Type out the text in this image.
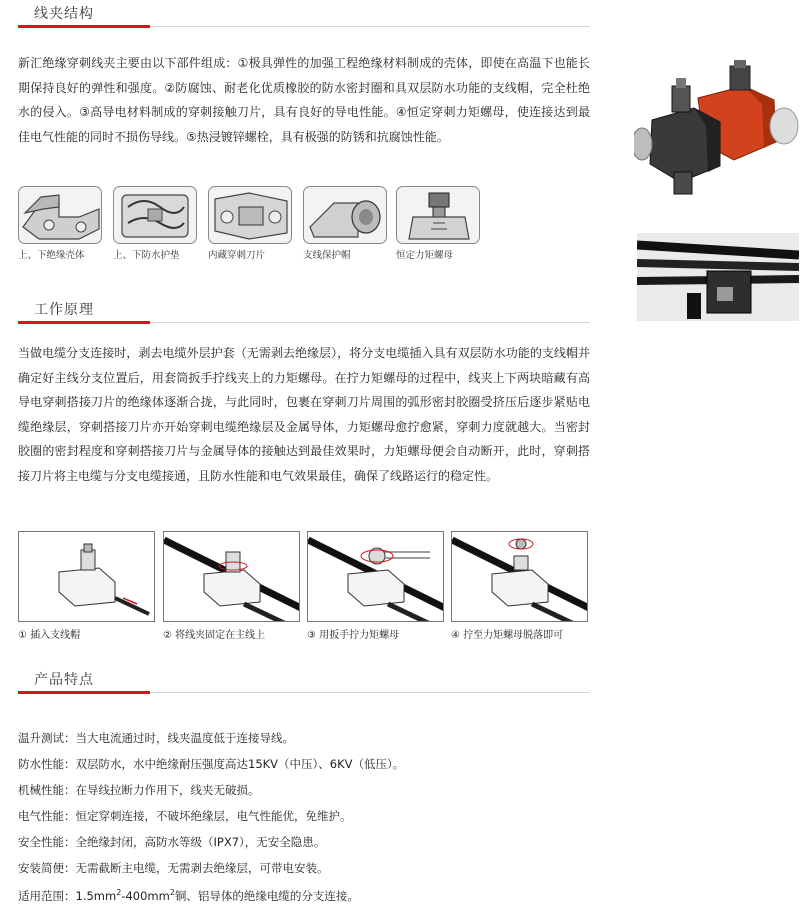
线夹结构

新汇绝缘穿刺线夹主要由以下部件组成：①极具弹性的加强工程绝缘材料制成的壳体，即使在高温下也能长期保持良好的弹性和强度。②防腐蚀、耐老化优质橡胶的防水密封圈和具双层防水功能的支线帽，完全杜绝水的侵入。③高导电材料制成的穿刺接触刀片，具有良好的导电性能。④恒定穿刺力矩螺母，使连接达到最佳电气性能的同时不损伤导线。⑤热浸镀锌螺栓，具有极强的防锈和抗腐蚀性能。

上、下绝缘壳体	上、下防水护垫	内藏穿刺刀片	支线保护帽	恒定力矩螺母
工作原理

当做电缆分支连接时，剥去电缆外层护套（无需剥去绝缘层），将分支电缆插入具有双层防水功能的支线帽并确定好主线分支位置后，用套筒扳手拧线夹上的力矩螺母。在拧力矩螺母的过程中，线夹上下两块暗藏有高导电穿刺搭接刀片的绝缘体逐渐合拢，与此同时，包裹在穿刺刀片周围的弧形密封胶圈受挤压后逐步紧贴电缆绝缘层，穿刺搭接刀片亦开始穿刺电缆绝缘层及金属导体，力矩螺母愈拧愈紧，穿刺力度就越大。当密封胶圈的密封程度和穿刺搭接刀片与金属导体的接触达到最佳效果时，力矩螺母便会自动断开，此时，穿刺搭接刀片将主电缆与分支电缆接通，且防水性能和电气效果最佳，确保了线路运行的稳定性。

① 插入支线帽	② 将线夹固定在主线上	③ 用扳手拧力矩螺母	④ 拧至力矩螺母脱落即可
产品特点

温升测试：当大电流通过时，线夹温度低于连接导线。

防水性能：双层防水，水中绝缘耐压强度高达15KV（中压）、6KV（低压）。

机械性能：在导线拉断力作用下，线夹无破损。

电气性能：恒定穿刺连接，不破坏绝缘层，电气性能优，免维护。

安全性能：全绝缘封闭，高防水等级（IPX7），无安全隐患。

安装简便：无需截断主电缆，无需剥去绝缘层，可带电安装。

适用范围：$1.5mm^2-400mm^2$铜、铝导体的绝缘电缆的分支连接。
